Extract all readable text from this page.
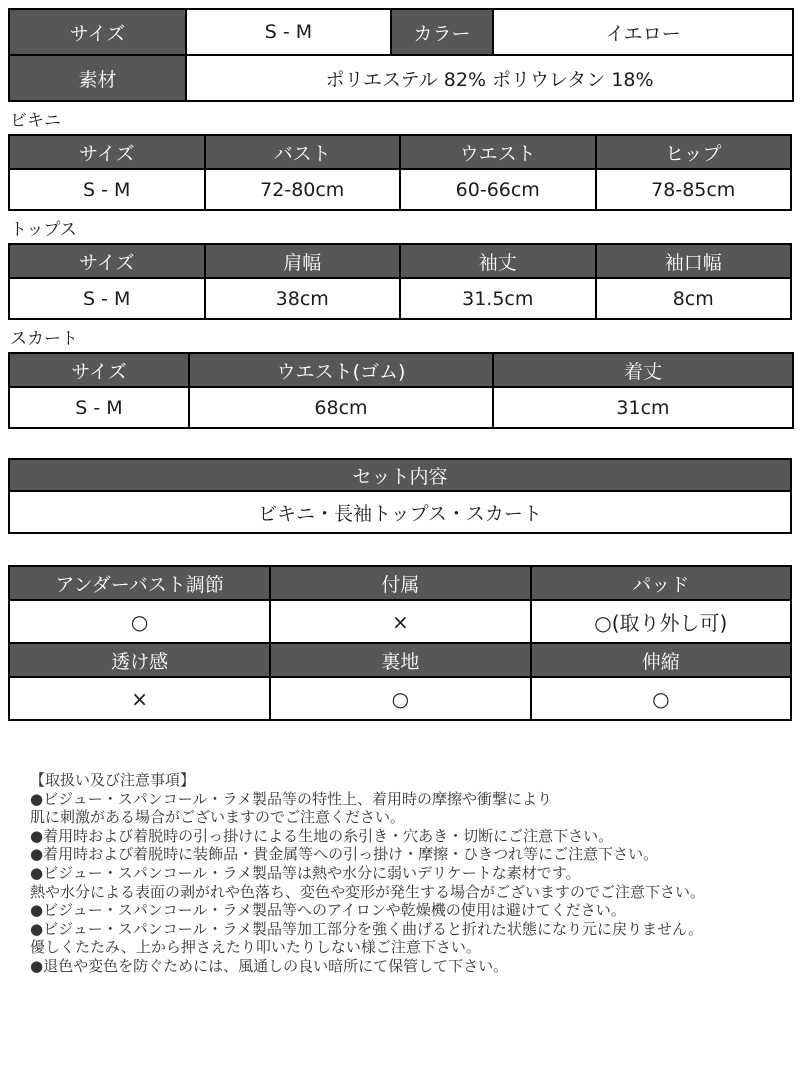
サイズ	S - M	カラー	イエロー
素材	ポリエステル 82% ポリウレタン 18%		
ビキニ
サイズ	バスト	ウエスト	ヒップ
S - M	72-80cm	60-66cm	78-85cm
トップス
サイズ	肩幅	袖丈	袖口幅
S - M	38cm	31.5cm	8cm
スカート
サイズ	ウエスト(ゴム)	着丈
S - M	68cm	31cm
セット内容
ビキニ・長袖トップス・スカート
アンダーバスト調節	付属	パッド
○	×	○(取り外し可)
透け感	裏地	伸縮
×	○	○
【取扱い及び注意事項】
●ビジュー・スパンコール・ラメ製品等の特性上、着用時の摩擦や衝撃により
肌に刺激がある場合がございますのでご注意ください。
●着用時および着脱時の引っ掛けによる生地の糸引き・穴あき・切断にご注意下さい。
●着用時および着脱時に装飾品・貴金属等への引っ掛け・摩擦・ひきつれ等にご注意下さい。
●ビジュー・スパンコール・ラメ製品等は熱や水分に弱いデリケートな素材です。
熱や水分による表面の剥がれや色落ち、変色や変形が発生する場合がございますのでご注意下さい。
●ビジュー・スパンコール・ラメ製品等へのアイロンや乾燥機の使用は避けてください。
●ビジュー・スパンコール・ラメ製品等加工部分を強く曲げると折れた状態になり元に戻りません。
優しくたたみ、上から押さえたり叩いたりしない様ご注意下さい。
●退色や変色を防ぐためには、風通しの良い暗所にて保管して下さい。
